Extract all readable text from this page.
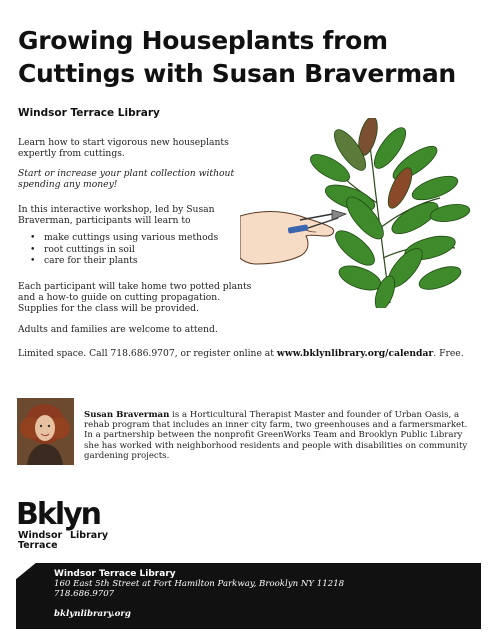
Growing Houseplants from Cuttings with Susan Braverman
Windsor Terrace Library

Learn how to start vigorous new houseplants expertly from cuttings.

Start or increase your plant collection without spending any money!

In this interactive workshop, led by Susan Braverman, participants will learn to

• make cuttings using various methods
• root cuttings in soil
• care for their plants

Each participant will take home two potted plants and a how-to guide on cutting propagation. Supplies for the class will be provided.

Adults and families are welcome to attend.

Limited space. Call 718.686.9707, or register online at www.bklynlibrary.org/calendar. Free.

Susan Braverman is a Horticultural Therapist Master and founder of Urban Oasis, a rehab program that includes an inner city farm, two greenhouses and a farmersmarket. In a partnership between the nonprofit GreenWorks Team and Brooklyn Public Library she has worked with neighborhood residents and people with disabilities on community gardening projects.

Bklyn
Windsor Library
Terrace
Windsor Terrace Library
160 East 5th Street at Fort Hamilton Parkway, Brooklyn NY 11218
718.686.9707
bklynlibrary.org
